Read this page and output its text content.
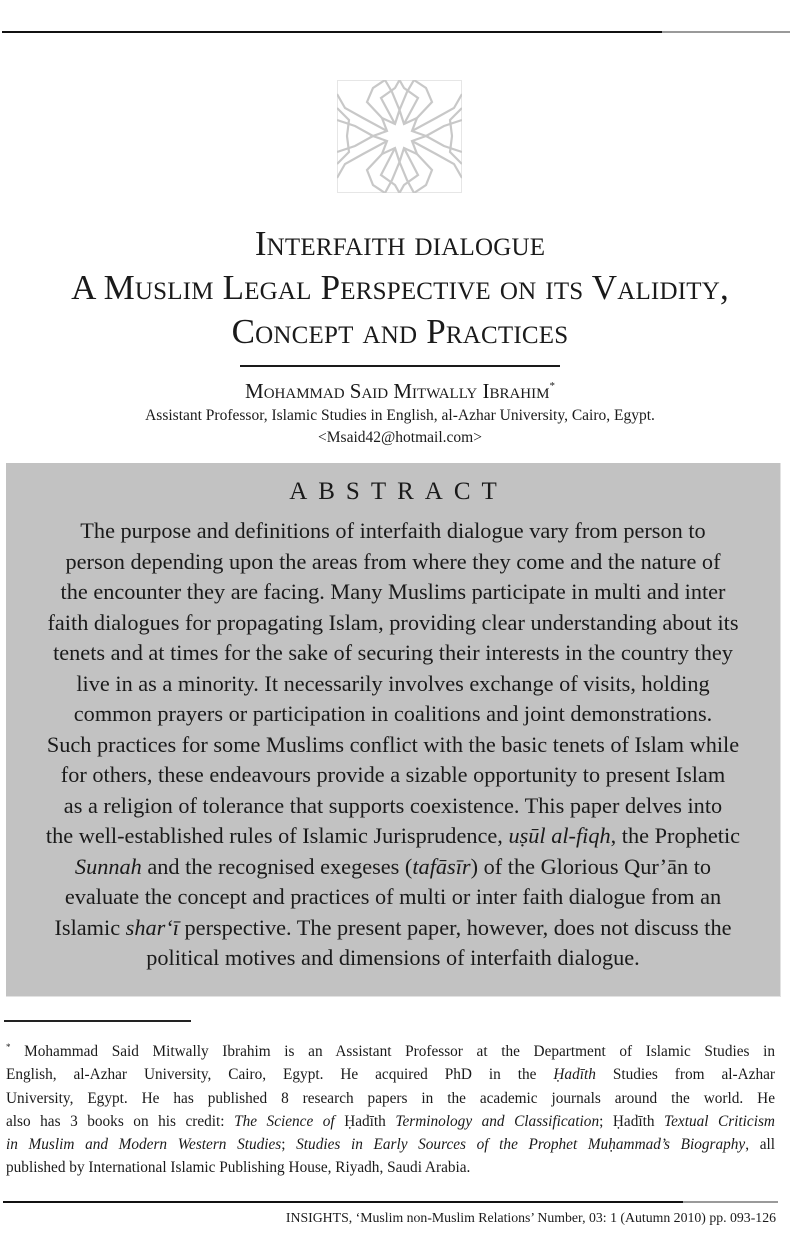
Interfaith dialogue
A Muslim Legal Perspective on its Validity,
Concept and Practices
Mohammad Said Mitwally Ibrahim*
Assistant Professor, Islamic Studies in English, al-Azhar University, Cairo, Egypt.
<Msaid42@hotmail.com>
ABSTRACT
The purpose and definitions of interfaith dialogue vary from person to
person depending upon the areas from where they come and the nature of
the encounter they are facing. Many Muslims participate in multi and inter
faith dialogues for propagating Islam, providing clear understanding about its
tenets and at times for the sake of securing their interests in the country they
live in as a minority. It necessarily involves exchange of visits, holding
common prayers or participation in coalitions and joint demonstrations.
Such practices for some Muslims conflict with the basic tenets of Islam while
for others, these endeavours provide a sizable opportunity to present Islam
as a religion of tolerance that supports coexistence. This paper delves into
the well-established rules of Islamic Jurisprudence, uṣūl al-fiqh, the Prophetic
Sunnah and the recognised exegeses (tafāsīr) of the Glorious Qur’ān to
evaluate the concept and practices of multi or inter faith dialogue from an
Islamic shar‘ī perspective. The present paper, however, does not discuss the
political motives and dimensions of interfaith dialogue.
* Mohammad Said Mitwally Ibrahim is an Assistant Professor at the Department of Islamic Studies in
English, al-Azhar University, Cairo, Egypt. He acquired PhD in the Ḥadīth Studies from al-Azhar
University, Egypt. He has published 8 research papers in the academic journals around the world. He
also has 3 books on his credit: The Science of Ḥadīth Terminology and Classification; Ḥadīth Textual Criticism
in Muslim and Modern Western Studies; Studies in Early Sources of the Prophet Muḥammad’s Biography, all
published by International Islamic Publishing House, Riyadh, Saudi Arabia.
INSIGHTS, ‘Muslim non-Muslim Relations’ Number, 03: 1 (Autumn 2010) pp. 093-126
